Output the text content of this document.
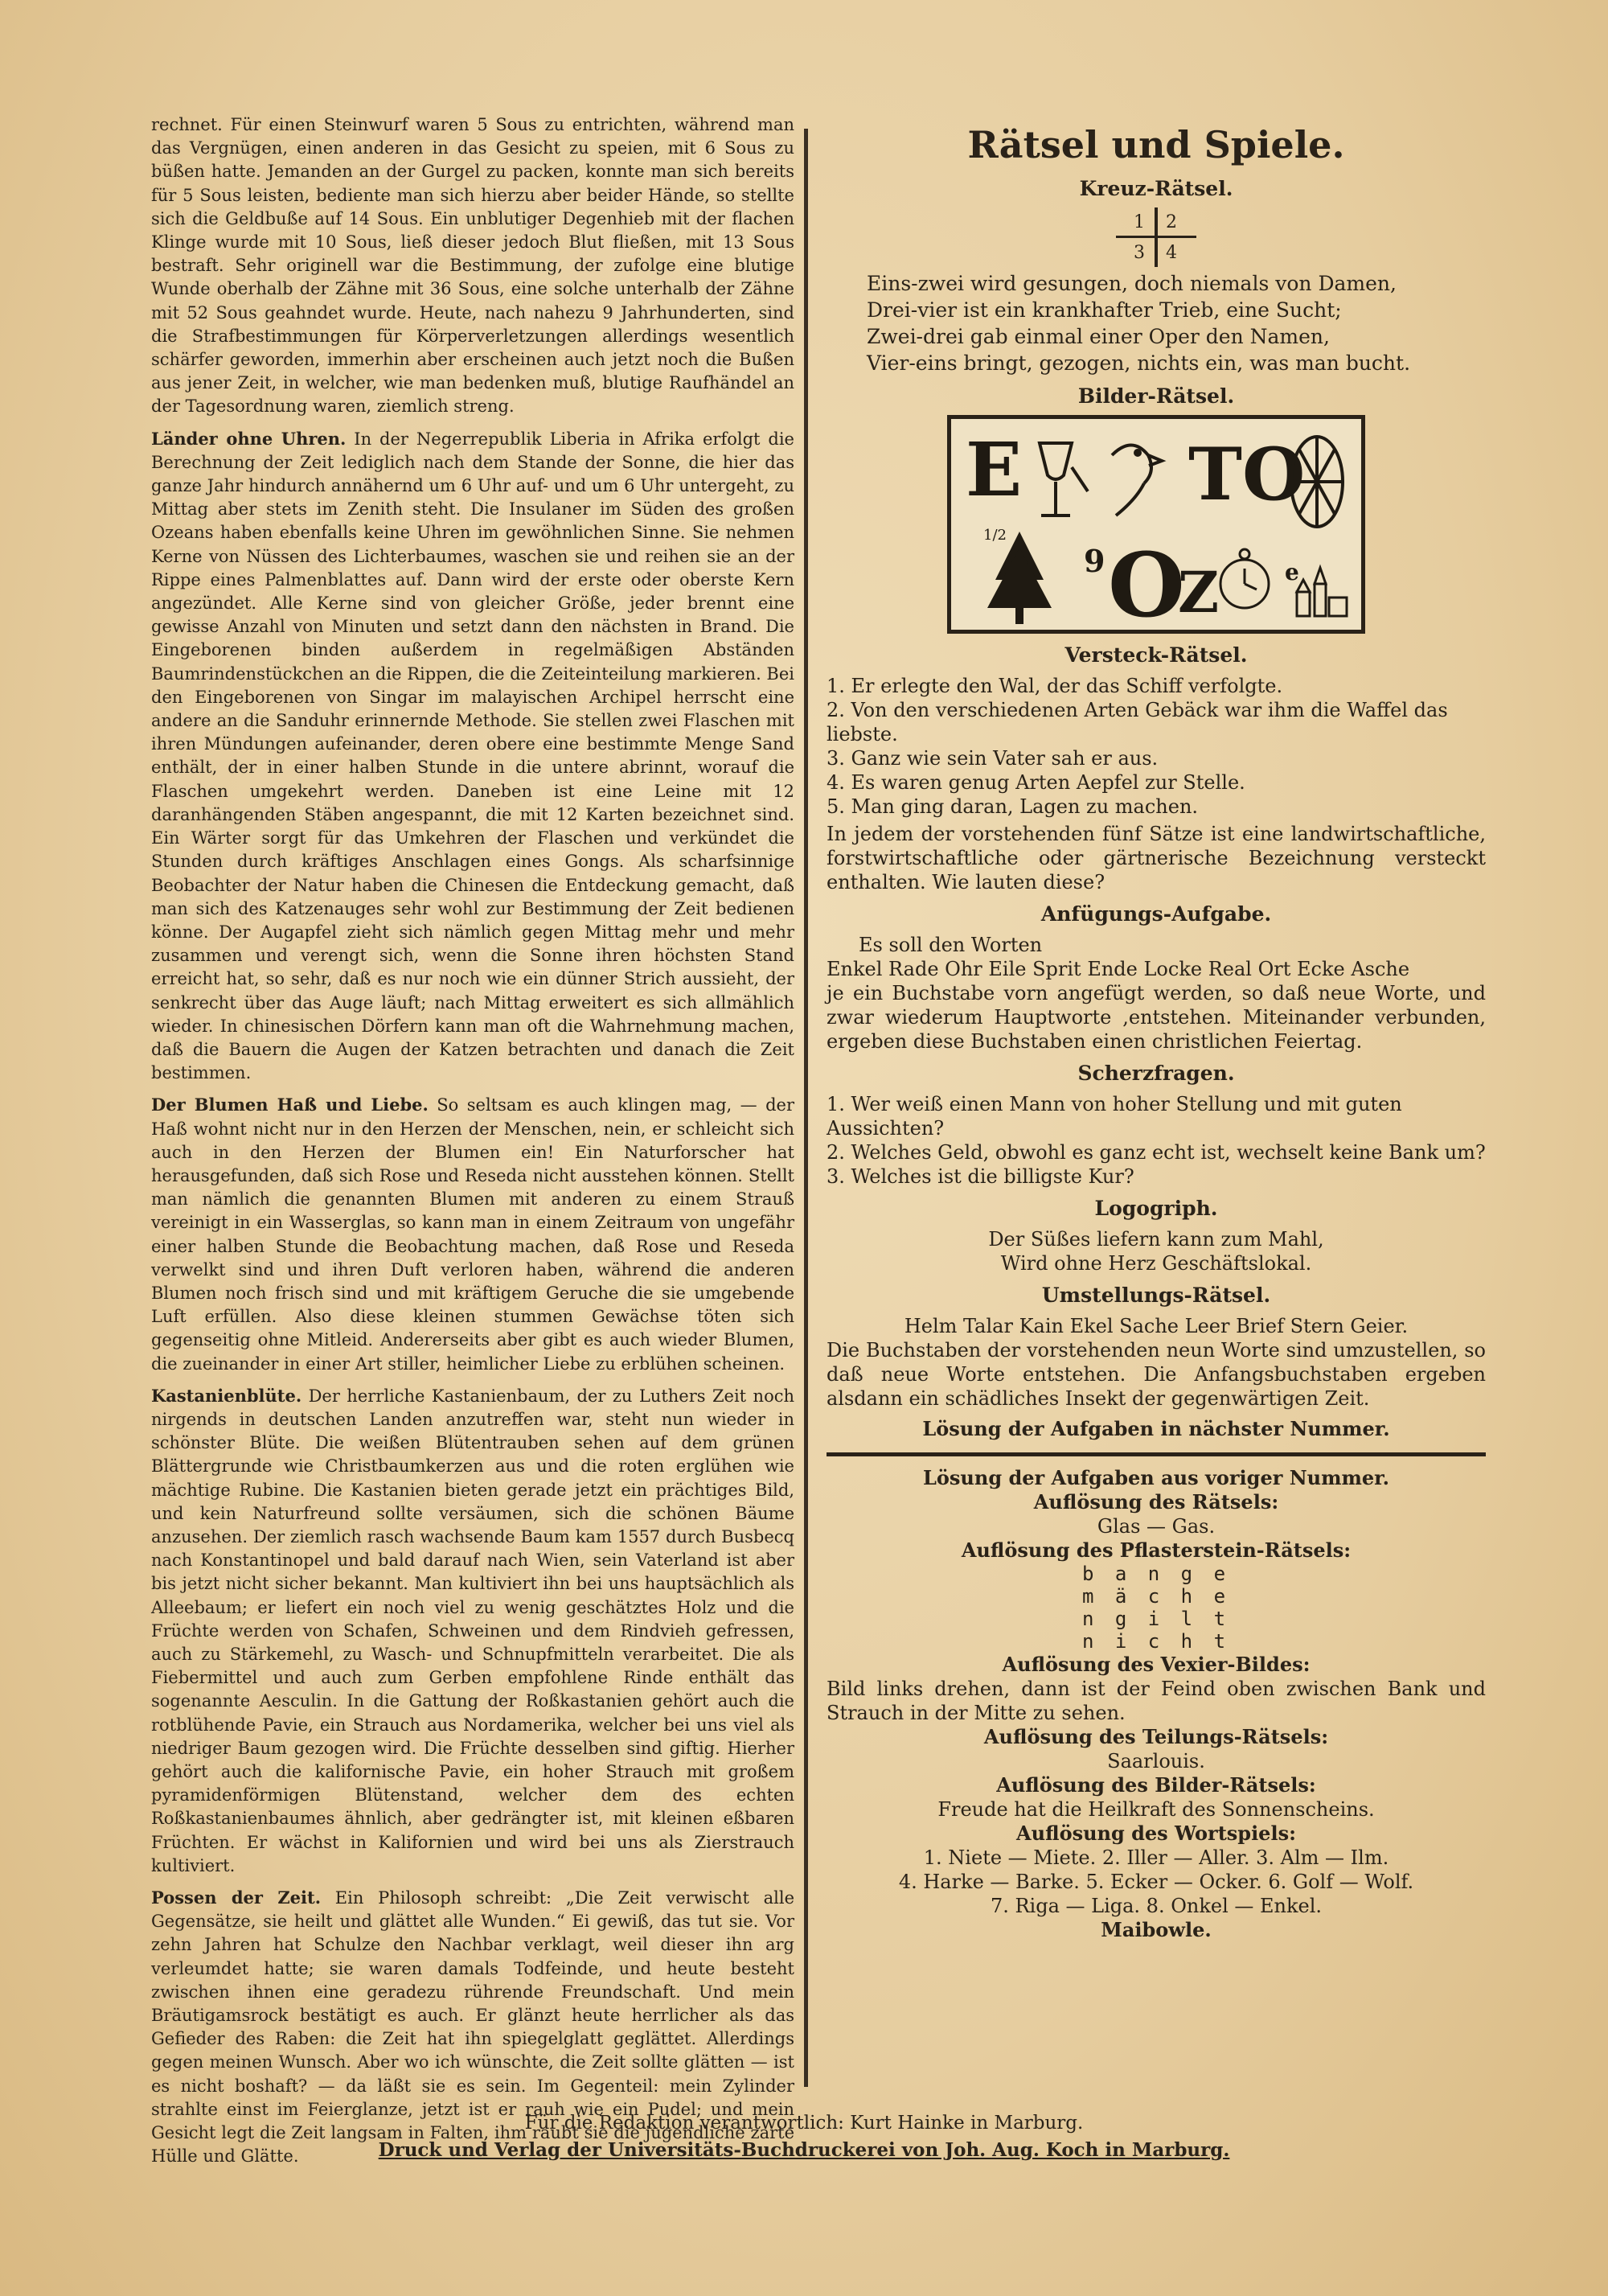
rechnet. Für einen Steinwurf waren 5 Sous zu entrichten, während man das Vergnügen, einen anderen in das Gesicht zu speien, mit 6 Sous zu büßen hatte. Jemanden an der Gurgel zu packen, konnte man sich bereits für 5 Sous leisten, bediente man sich hierzu aber beider Hände, so stellte sich die Geldbuße auf 14 Sous. Ein unblutiger Degenhieb mit der flachen Klinge wurde mit 10 Sous, ließ dieser jedoch Blut fließen, mit 13 Sous bestraft. Sehr originell war die Bestimmung, der zufolge eine blutige Wunde oberhalb der Zähne mit 36 Sous, eine solche unterhalb der Zähne mit 52 Sous geahndet wurde. Heute, nach nahezu 9 Jahrhunderten, sind die Strafbestimmungen für Körperverletzungen allerdings wesentlich schärfer geworden, immerhin aber erscheinen auch jetzt noch die Bußen aus jener Zeit, in welcher, wie man bedenken muß, blutige Raufhändel an der Tagesordnung waren, ziemlich streng.

Länder ohne Uhren. In der Negerrepublik Liberia in Afrika erfolgt die Berechnung der Zeit lediglich nach dem Stande der Sonne, die hier das ganze Jahr hindurch annähernd um 6 Uhr auf- und um 6 Uhr untergeht, zu Mittag aber stets im Zenith steht. Die Insulaner im Süden des großen Ozeans haben ebenfalls keine Uhren im gewöhnlichen Sinne. Sie nehmen Kerne von Nüssen des Lichterbaumes, waschen sie und reihen sie an der Rippe eines Palmenblattes auf. Dann wird der erste oder oberste Kern angezündet. Alle Kerne sind von gleicher Größe, jeder brennt eine gewisse Anzahl von Minuten und setzt dann den nächsten in Brand. Die Eingeborenen binden außerdem in regelmäßigen Abständen Baumrindenstückchen an die Rippen, die die Zeiteinteilung markieren. Bei den Eingeborenen von Singar im malayischen Archipel herrscht eine andere an die Sanduhr erinnernde Methode. Sie stellen zwei Flaschen mit ihren Mündungen aufeinander, deren obere eine bestimmte Menge Sand enthält, der in einer halben Stunde in die untere abrinnt, worauf die Flaschen umgekehrt werden. Daneben ist eine Leine mit 12 daranhängenden Stäben angespannt, die mit 12 Karten bezeichnet sind. Ein Wärter sorgt für das Umkehren der Flaschen und verkündet die Stunden durch kräftiges Anschlagen eines Gongs. Als scharfsinnige Beobachter der Natur haben die Chinesen die Entdeckung gemacht, daß man sich des Katzenauges sehr wohl zur Bestimmung der Zeit bedienen könne. Der Augapfel zieht sich nämlich gegen Mittag mehr und mehr zusammen und verengt sich, wenn die Sonne ihren höchsten Stand erreicht hat, so sehr, daß es nur noch wie ein dünner Strich aussieht, der senkrecht über das Auge läuft; nach Mittag erweitert es sich allmählich wieder. In chinesischen Dörfern kann man oft die Wahrnehmung machen, daß die Bauern die Augen der Katzen betrachten und danach die Zeit bestimmen.

Der Blumen Haß und Liebe. So seltsam es auch klingen mag, — der Haß wohnt nicht nur in den Herzen der Menschen, nein, er schleicht sich auch in den Herzen der Blumen ein! Ein Naturforscher hat herausgefunden, daß sich Rose und Reseda nicht ausstehen können. Stellt man nämlich die genannten Blumen mit anderen zu einem Strauß vereinigt in ein Wasserglas, so kann man in einem Zeitraum von ungefähr einer halben Stunde die Beobachtung machen, daß Rose und Reseda verwelkt sind und ihren Duft verloren haben, während die anderen Blumen noch frisch sind und mit kräftigem Geruche die sie umgebende Luft erfüllen. Also diese kleinen stummen Gewächse töten sich gegenseitig ohne Mitleid. Andererseits aber gibt es auch wieder Blumen, die zueinander in einer Art stiller, heimlicher Liebe zu erblühen scheinen.

Kastanienblüte. Der herrliche Kastanienbaum, der zu Luthers Zeit noch nirgends in deutschen Landen anzutreffen war, steht nun wieder in schönster Blüte. Die weißen Blütentrauben sehen auf dem grünen Blättergrunde wie Christbaumkerzen aus und die roten erglühen wie mächtige Rubine. Die Kastanien bieten gerade jetzt ein prächtiges Bild, und kein Naturfreund sollte versäumen, sich die schönen Bäume anzusehen. Der ziemlich rasch wachsende Baum kam 1557 durch Busbecq nach Konstantinopel und bald darauf nach Wien, sein Vaterland ist aber bis jetzt nicht sicher bekannt. Man kultiviert ihn bei uns hauptsächlich als Alleebaum; er liefert ein noch viel zu wenig geschätztes Holz und die Früchte werden von Schafen, Schweinen und dem Rindvieh gefressen, auch zu Stärkemehl, zu Wasch- und Schnupfmitteln verarbeitet. Die als Fiebermittel und auch zum Gerben empfohlene Rinde enthält das sogenannte Aesculin. In die Gattung der Roßkastanien gehört auch die rotblühende Pavie, ein Strauch aus Nordamerika, welcher bei uns viel als niedriger Baum gezogen wird. Die Früchte desselben sind giftig. Hierher gehört auch die kalifornische Pavie, ein hoher Strauch mit großem pyramidenförmigen Blütenstand, welcher dem des echten Roßkastanienbaumes ähnlich, aber gedrängter ist, mit kleinen eßbaren Früchten. Er wächst in Kalifornien und wird bei uns als Zierstrauch kultiviert.

Possen der Zeit. Ein Philosoph schreibt: „Die Zeit verwischt alle Gegensätze, sie heilt und glättet alle Wunden.“ Ei gewiß, das tut sie. Vor zehn Jahren hat Schulze den Nachbar verklagt, weil dieser ihn arg verleumdet hatte; sie waren damals Todfeinde, und heute besteht zwischen ihnen eine geradezu rührende Freundschaft. Und mein Bräutigamsrock bestätigt es auch. Er glänzt heute herrlicher als das Gefieder des Raben: die Zeit hat ihn spiegelglatt geglättet. Allerdings gegen meinen Wunsch. Aber wo ich wünschte, die Zeit sollte glätten — ist es nicht boshaft? — da läßt sie es sein. Im Gegenteil: mein Zylinder strahlte einst im Feierglanze, jetzt ist er rauh wie ein Pudel; und mein Gesicht legt die Zeit langsam in Falten, ihm raubt sie die jugendliche zarte Hülle und Glätte.

Rätsel und Spiele.
Kreuz-Rätsel.
1 2
3 4
Eins-zwei wird gesungen, doch niemals von Damen,
Drei-vier ist ein krankhafter Trieb, eine Sucht;
Zwei-drei gab einmal einer Oper den Namen,
Vier-eins bringt, gezogen, nichts ein, was man bucht.
Bilder-Rätsel.
E TO
1/2
9 O
Z	e
Versteck-Rätsel.
1. Er erlegte den Wal, der das Schiff verfolgte.
2. Von den verschiedenen Arten Gebäck war ihm die Waffel das liebste.
3. Ganz wie sein Vater sah er aus.
4. Es waren genug Arten Aepfel zur Stelle.
5. Man ging daran, Lagen zu machen.
In jedem der vorstehenden fünf Sätze ist eine landwirtschaftliche, forstwirtschaftliche oder gärtnerische Bezeichnung versteckt enthalten. Wie lauten diese?
Anfügungs-Aufgabe.
Es soll den Worten
Enkel Rade Ohr Eile Sprit Ende Locke Real Ort Ecke Asche
je ein Buchstabe vorn angefügt werden, so daß neue Worte, und zwar wiederum Hauptworte ,entstehen. Miteinander verbunden, ergeben diese Buchstaben einen christlichen Feiertag.
Scherzfragen.
1. Wer weiß einen Mann von hoher Stellung und mit guten Aussichten?
2. Welches Geld, obwohl es ganz echt ist, wechselt keine Bank um?
3. Welches ist die billigste Kur?
Logogriph.
Der Süßes liefern kann zum Mahl,
Wird ohne Herz Geschäftslokal.
Umstellungs-Rätsel.
Helm Talar Kain Ekel Sache Leer Brief Stern Geier.
Die Buchstaben der vorstehenden neun Worte sind umzustellen, so daß neue Worte entstehen. Die Anfangsbuchstaben ergeben alsdann ein schädliches Insekt der gegenwärtigen Zeit.
Lösung der Aufgaben in nächster Nummer.
Lösung der Aufgaben aus voriger Nummer.
Auflösung des Rätsels:
Glas — Gas.
Auflösung des Pflasterstein-Rätsels:
b a n g e
m ä c h e
n g i l t
n i c h t
Auflösung des Vexier-Bildes:
Bild links drehen, dann ist der Feind oben zwischen Bank und Strauch in der Mitte zu sehen.
Auflösung des Teilungs-Rätsels:
Saarlouis.
Auflösung des Bilder-Rätsels:
Freude hat die Heilkraft des Sonnenscheins.
Auflösung des Wortspiels:
1. Niete — Miete. 2. Iller — Aller. 3. Alm — Ilm.
4. Harke — Barke. 5. Ecker — Ocker. 6. Golf — Wolf.
7. Riga — Liga. 8. Onkel — Enkel.
Maibowle.
Für die Redaktion verantwortlich: Kurt Hainke in Marburg.
Druck und Verlag der Universitäts-Buchdruckerei von Joh. Aug. Koch in Marburg.
